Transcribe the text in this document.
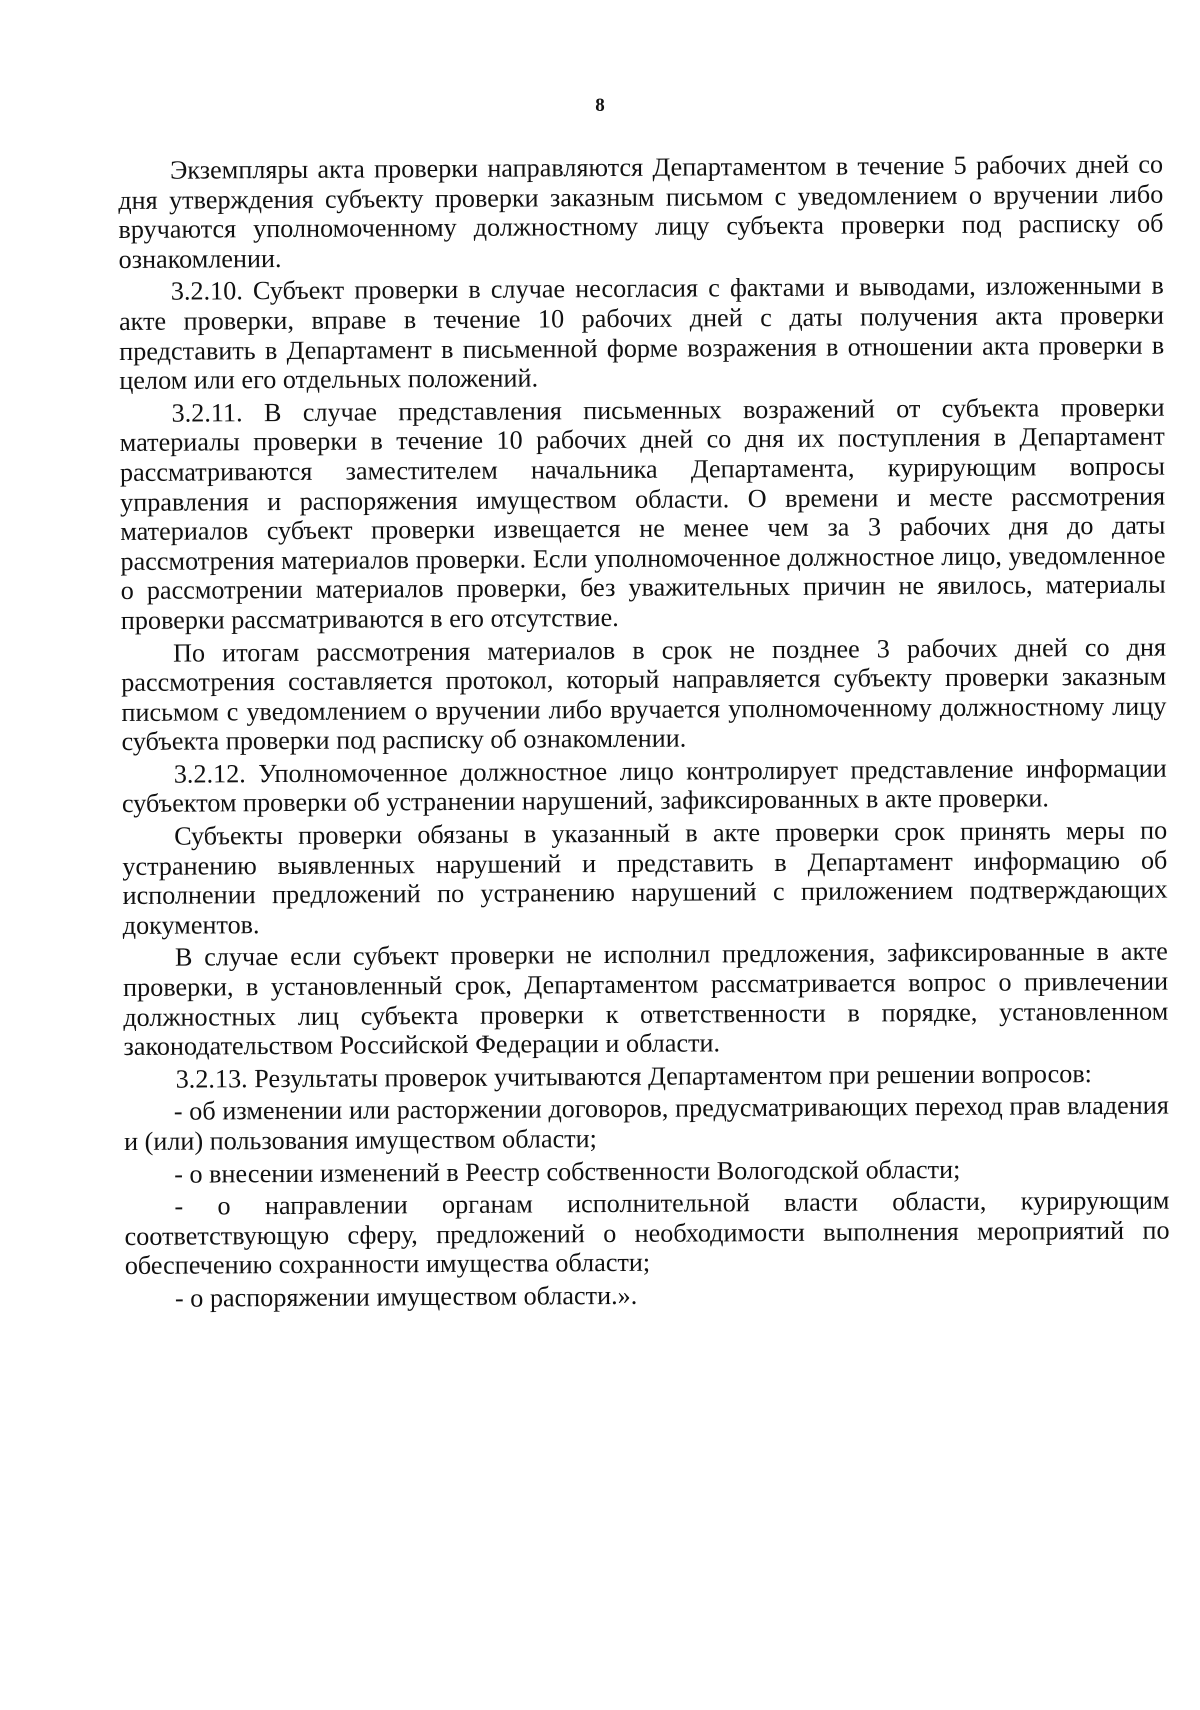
8

Экземпляры акта проверки направляются Департаментом в течение 5 рабочих дней со дня утверждения субъекту проверки заказным письмом с уведомлением о вручении либо вручаются уполномоченному должностному лицу субъекта проверки под расписку об ознакомлении.

3.2.10. Субъект проверки в случае несогласия с фактами и выводами, изложенными в акте проверки, вправе в течение 10 рабочих дней с даты получения акта проверки представить в Департамент в письменной форме возражения в отношении акта проверки в целом или его отдельных положений.

3.2.11. В случае представления письменных возражений от субъекта проверки материалы проверки в течение 10 рабочих дней со дня их поступления в Департамент рассматриваются заместителем начальника Департамента, курирующим вопросы управления и распоряжения имуществом области. О времени и месте рассмотрения материалов субъект проверки извещается не менее чем за 3 рабочих дня до даты рассмотрения материалов проверки. Если уполномоченное должностное лицо, уведомленное о рассмотрении материалов проверки, без уважительных причин не явилось, материалы проверки рассматриваются в его отсутствие.

По итогам рассмотрения материалов в срок не позднее 3 рабочих дней со дня рассмотрения составляется протокол, который направляется субъекту проверки заказным письмом с уведомлением о вручении либо вручается уполномоченному должностному лицу субъекта проверки под расписку об ознакомлении.

3.2.12. Уполномоченное должностное лицо контролирует представление информации субъектом проверки об устранении нарушений, зафиксированных в акте проверки.

Субъекты проверки обязаны в указанный в акте проверки срок принять меры по устранению выявленных нарушений и представить в Департамент информацию об исполнении предложений по устранению нарушений с приложением подтверждающих документов.

В случае если субъект проверки не исполнил предложения, зафиксированные в акте проверки, в установленный срок, Департаментом рассматривается вопрос о привлечении должностных лиц субъекта проверки к ответственности в порядке, установленном законодательством Российской Федерации и области.

3.2.13. Результаты проверок учитываются Департаментом при решении вопросов:

- об изменении или расторжении договоров, предусматривающих переход прав владения и (или) пользования имуществом области;

- о внесении изменений в Реестр собственности Вологодской области;

- о направлении органам исполнительной власти области, курирующим соответствующую сферу, предложений о необходимости выполнения мероприятий по обеспечению сохранности имущества области;

- о распоряжении имуществом области.».
